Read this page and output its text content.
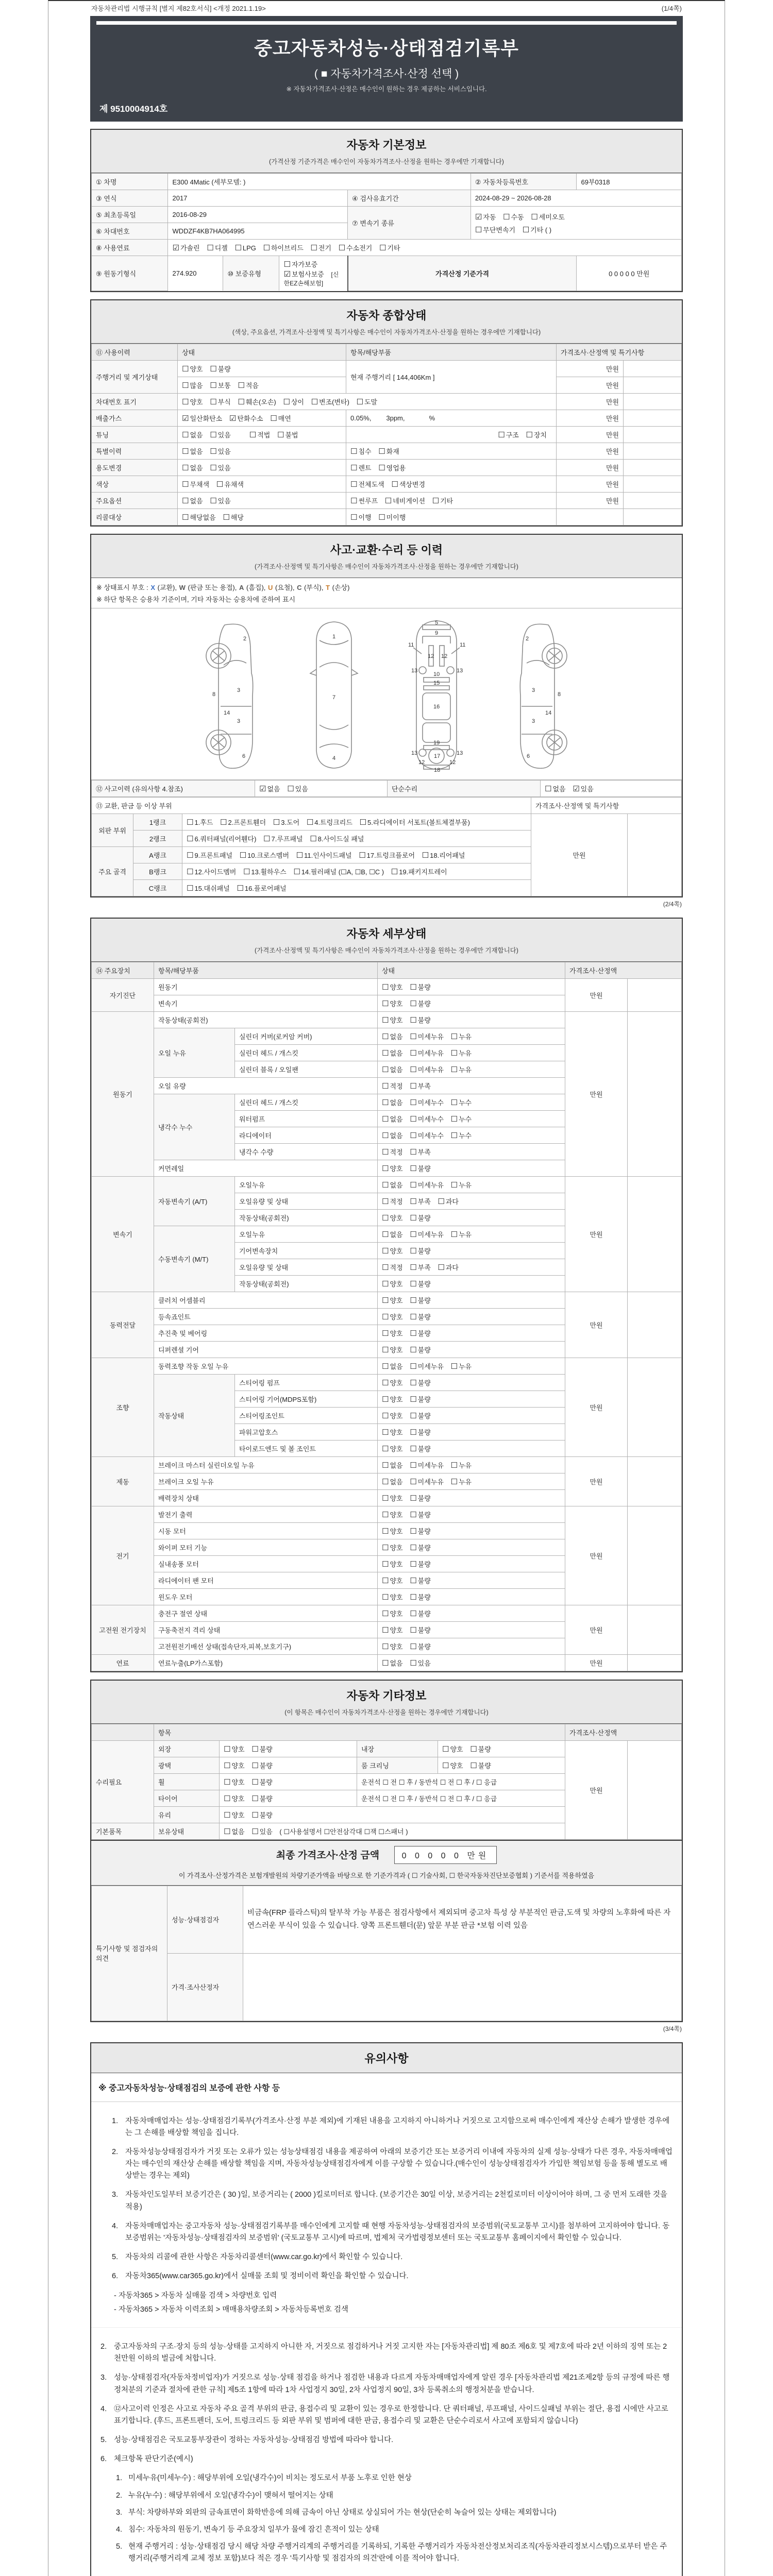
자동차관리법 시행규칙 [별지 제82호서식] <개정 2021.1.19>	(1/4쪽)
중고자동차성능·상태점검기록부
( ■ 자동차가격조사·산정 선택 )
※ 자동차가격조사·산정은 매수인이 원하는 경우 제공하는 서비스입니다.
제 9510004914호
자동차 기본정보
(가격산정 기준가격은 매수인이 자동차가격조사·산정을 원하는 경우에만 기재합니다)
① 차명	E300 4Matic (세부모델: )	② 자동차등록번호	69부0318
③ 연식	2017	④ 검사유효기간	2024-08-29 ~ 2026-08-28
⑤ 최초등록일	2016-08-29	⑦ 변속기 종류	
☑ 자동 ☐ 수동 ☐ 세미오토
☐ 무단변속기 ☐ 기타 ( )

⑥ 차대번호	WDDZF4KB7HA064995
⑧ 사용연료	☑ 가솔린 ☐ 디젤 ☐ LPG ☐ 하이브리드 ☐ 전기 ☐ 수소전기 ☐ 기타
⑨ 원동기형식		274.920	⑩ 보증유형	☐ 자가보증 ☑ 보험사보증 [신한EZ손해보험]
	가격산정 기준가격	0 0 0 0 0 만원
자동차 종합상태
(색상, 주요옵션, 가격조사·산정액 및 특기사항은 매수인이 자동차가격조사·산정을 원하는 경우에만 기재합니다)
⑪ 사용이력	상태	항목/해당부품	가격조사·산정액 및 특기사항	
주행거리 및 계기상태	☐ 양호 ☐ 불량	현재 주행거리 [ 144,406Km ]	만원	
	☐ 많음 ☐ 보통 ☐ 적음		만원	
차대번호 표기	☐ 양호 ☐ 부식 ☐ 훼손(오손) ☐ 상이 ☐ 변조(변타) ☐ 도말		만원	
배출가스	☑ 일산화탄소 ☑ 탄화수소 ☐ 매연	0.05%,        3ppm,             %	만원	
튜닝	☐ 없음 ☐ 있음 ☐ 적법 ☐ 불법	☐ 구조 ☐ 장치	만원	
특별이력	☐ 없음 ☐ 있음	☐ 침수 ☐ 화재	만원	
용도변경	☐ 없음 ☐ 있음	☐ 렌트 ☐ 영업용	만원	
색상	☐ 무채색 ☐ 유채색	☐ 전체도색 ☐ 색상변경	만원	
주요옵션	☐ 없음 ☐ 있음	☐ 썬루프 ☐ 네비게이션 ☐ 기타	만원	
리콜대상	☐ 해당없음 ☐ 해당	☐ 이행 ☐ 미이행		
사고·교환·수리 등 이력
(가격조사·산정액 및 특기사항은 매수인이 자동차가격조사·산정을 원하는 경우에만 기재합니다)
※ 상태표시 부호 : X (교환), W (판금 또는 용접), A (흠집), U (요철), C (부식), T (손상)
※ 하단 항목은 승용차 기준이며, 기타 자동차는 승용차에 준하여 표시
2
8
3
3
14
6
1
7
4
5
9
11	11
12 12
13	13
10
15
16
19
13	13
12	12
17
18
2
8
3
3
14
6
⑫ 사고이력 (유의사항 4.참조)	☑ 없음 ☐ 있음	단순수리	☐ 없음 ☑ 있음
⑬ 교환, 판금 등 이상 부위			가격조사·산정액 및 특기사항	
외판 부위	1랭크	☐ 1.후드 ☐ 2.프론트휀더 ☐ 3.도어 ☐ 4.트렁크리드 ☐ 5.라디에이터 서포트(볼트체결부품)	만원	
	2랭크	☐ 6.쿼터패널(리어휀다) ☐ 7.루프패널 ☐ 8.사이드실 패널		
주요 골격	A랭크	☐ 9.프론트패널 ☐ 10.크로스멤버 ☐ 11.인사이드패널 ☐ 17.트렁크플로어 ☐ 18.리어패널		
	B랭크	☐ 12.사이드멤버 ☐ 13.휠하우스 ☐ 14.필러패널 (☐A, ☐B, ☐C ) ☐ 19.패키지트레이		
	C랭크	☐ 15.대쉬패널 ☐ 16.플로어패널		
(2/4쪽)
자동차 세부상태
(가격조사·산정액 및 특기사항은 매수인이 자동차가격조사·산정을 원하는 경우에만 기재합니다)
⑭ 주요장치	항목/해당부품		상태	가격조사·산정액	
자기진단	원동기		☐ 양호 ☐ 불량	만원	
	변속기		☐ 양호 ☐ 불량		
원동기	작동상태(공회전)		☐ 양호 ☐ 불량	만원	
	오일 누유	실린더 커버(로커암 커버)	☐ 없음 ☐ 미세누유 ☐ 누유		
		실린더 헤드 / 개스킷	☐ 없음 ☐ 미세누유 ☐ 누유		
		실린더 블록 / 오일팬	☐ 없음 ☐ 미세누유 ☐ 누유		
	오일 유량		☐ 적정 ☐ 부족		
	냉각수 누수	실린더 헤드 / 개스킷	☐ 없음 ☐ 미세누수 ☐ 누수		
		워터펌프	☐ 없음 ☐ 미세누수 ☐ 누수		
		라디에이터	☐ 없음 ☐ 미세누수 ☐ 누수		
		냉각수 수량	☐ 적정 ☐ 부족		
	커먼레일		☐ 양호 ☐ 불량		
변속기	자동변속기 (A/T)	오일누유	☐ 없음 ☐ 미세누유 ☐ 누유	만원	
		오일유량 및 상태	☐ 적정 ☐ 부족 ☐ 과다		
		작동상태(공회전)	☐ 양호 ☐ 불량		
	수동변속기 (M/T)	오일누유	☐ 없음 ☐ 미세누유 ☐ 누유		
		기어변속장치	☐ 양호 ☐ 불량		
		오일유량 및 상태	☐ 적정 ☐ 부족 ☐ 과다		
		작동상태(공회전)	☐ 양호 ☐ 불량		
동력전달	클러치 어셈블리		☐ 양호 ☐ 불량	만원	
	등속죠인트		☐ 양호 ☐ 불량		
	추진축 및 베어링		☐ 양호 ☐ 불량		
	디퍼렌셜 기어		☐ 양호 ☐ 불량		
조향	동력조향 작동 오일 누유		☐ 없음 ☐ 미세누유 ☐ 누유	만원	
	작동상태	스티어링 펌프	☐ 양호 ☐ 불량		
		스티어링 기어(MDPS포함)	☐ 양호 ☐ 불량		
		스티어링조인트	☐ 양호 ☐ 불량		
		파워고압호스	☐ 양호 ☐ 불량		
		타이로드엔드 및 볼 조인트	☐ 양호 ☐ 불량		
제동	브레이크 마스터 실린더오일 누유		☐ 없음 ☐ 미세누유 ☐ 누유	만원	
	브레이크 오일 누유		☐ 없음 ☐ 미세누유 ☐ 누유		
	배력장치 상태		☐ 양호 ☐ 불량		
전기	발전기 출력		☐ 양호 ☐ 불량	만원	
	시동 모터		☐ 양호 ☐ 불량		
	와이퍼 모터 기능		☐ 양호 ☐ 불량		
	실내송풍 모터		☐ 양호 ☐ 불량		
	라디에이터 팬 모터		☐ 양호 ☐ 불량		
	윈도우 모터		☐ 양호 ☐ 불량		
고전원 전기장치	충전구 절연 상태		☐ 양호 ☐ 불량	만원	
	구동축전지 격리 상태		☐ 양호 ☐ 불량		
	고전원전기배선 상태(접속단자,피복,보호기구)		☐ 양호 ☐ 불량		
연료	연료누출(LP가스포함)		☐ 없음 ☐ 있음	만원	
자동차 기타정보
(이 항목은 매수인이 자동차가격조사·산정을 원하는 경우에만 기재합니다)
	항목				가격조사·산정액	
수리필요	외장	☐ 양호 ☐ 불량	내장	☐ 양호 ☐ 불량	만원	
	광택	☐ 양호 ☐ 불량	룸 크리닝	☐ 양호 ☐ 불량		
	휠	☐ 양호 ☐ 불량	운전석 ☐ 전 ☐ 후 / 동반석 ☐ 전 ☐ 후 / ☐ 응급			
	타이어	☐ 양호 ☐ 불량	운전석 ☐ 전 ☐ 후 / 동반석 ☐ 전 ☐ 후 / ☐ 응급			
	유리	☐ 양호 ☐ 불량				
기본품목	보유상태	☐ 없음 ☐ 있음 ( ☐사용설명서 ☐안전삼각대 ☐잭 ☐스패너 )				
최종 가격조사·산정 금액	0 0 0 0 0 만원
이 가격조사·산정가격은 보험개발원의 차량기준가액을 바탕으로 한 기준가격과 ( ☐ 기술사회, ☐ 한국자동차진단보증협회 ) 기준서를 적용하였음
특기사항 및 점검자의 의견	성능·상태점검자	비금속(FRP 플라스틱)의 탈부착 가능 부품은 점검사항에서 제외되며 중고차 특성 상 부분적인 판금,도색 및 차량의 노후화에 따른 자연스러운 부식이 있을 수 있습니다. 양쪽 프론트휀더(문) 앞문 부분 판금 *보험 이력 있음
	가격·조사산정자	
(3/4쪽)
유의사항
※ 중고자동차성능·상태점검의 보증에 관한 사항 등
1. 자동차매매업자는 성능·상태점검기록부(가격조사·산정 부분 제외)에 기재된 내용을 고지하지 아니하거나 거짓으로 고지함으로써 매수인에게 재산상 손해가 발생한 경우에는 그 손해를 배상할 책임을 집니다.
2. 자동차성능상태점검자가 거짓 또는 오류가 있는 성능상태점검 내용을 제공하여 아래의 보증기간 또는 보증거리 이내에 자동차의 실제 성능·상태가 다른 경우, 자동차매매업자는 매수인의 재산상 손해를 배상할 책임을 지며, 자동차성능상태점검자에게 이를 구상할 수 있습니다.(매수인이 성능상태점검자가 가입한 책임보험 등을 통해 별도로 배상받는 경우는 제외)
3. 자동차인도일부터 보증기간은 ( 30 )일, 보증거리는 ( 2000 )킬로미터로 합니다. (보증기간은 30일 이상, 보증거리는 2천킬로미터 이상이어야 하며, 그 중 먼저 도래한 것을 적용)
4. 자동차매매업자는 중고자동차 성능·상태점검기록부를 매수인에게 고지할 때 현행 자동차성능·상태점검자의 보증범위(국토교통부 고시)를 첨부하여 고지하여야 합니다. 동 보증범위는 '자동차성능·상태점검자의 보증범위' (국토교통부 고시)에 따르며, 법제처 국가법령정보센터 또는 국토교통부 홈페이지에서 확인할 수 있습니다.
5. 자동차의 리콜에 관한 사항은 자동차리콜센터(www.car.go.kr)에서 확인할 수 있습니다.
6. 자동차365(www.car365.go.kr)에서 실매물 조회 및 정비이력 확인을 확인할 수 있습니다.
- 자동차365 > 자동차 실매물 검색 > 차량번호 입력
- 자동차365 > 자동차 이력조회 > 매매용차량조회 > 자동차등록번호 검색
2. 중고자동차의 구조·장치 등의 성능·상태를 고지하지 아니한 자, 거짓으로 점검하거나 거짓 고지한 자는 [자동차관리법] 제 80조 제6호 및 제7호에 따라 2년 이하의 징역 또는 2천만원 이하의 벌금에 처합니다.
3. 성능·상태점검자(자동차정비업자)가 거짓으로 성능·상태 점검을 하거나 점검한 내용과 다르게 자동차매매업자에게 알린 경우 [자동차관리법 제21조제2항 등의 규정에 따른 행정처분의 기준과 절차에 관한 규칙] 제5조 1항에 따라 1차 사업정지 30일, 2차 사업정지 90일, 3차 등록취소의 행정처분을 받습니다.
4. ⑫사고이력 인정은 사고로 자동차 주요 골격 부위의 판금, 용접수리 및 교환이 있는 경우로 한정합니다. 단 쿼터패널, 루프패널, 사이드실패널 부위는 절단, 용접 시에만 사고로 표기합니다. (후드, 프론트펜더, 도어, 트렁크리드 등 외판 부위 및 범퍼에 대한 판금, 용접수리 및 교환은 단순수리로서 사고에 포함되지 않습니다)
5. 성능·상태점검은 국토교통부장관이 정하는 자동차성능·상태점검 방법에 따라야 합니다.
6. 체크항목 판단기준(예시)
1. 미세누유(미세누수) : 해당부위에 오일(냉각수)이 비치는 정도로서 부품 노후로 인한 현상
2. 누유(누수) : 해당부위에서 오일(냉각수)이 맺혀서 떨어지는 상태
3. 부식: 차량하부와 외판의 금속표면이 화학반응에 의해 금속이 아닌 상태로 상실되어 가는 현상(단순히 녹슬어 있는 상태는 제외합니다)
4. 침수: 자동차의 원동기, 변속기 등 주요장치 일부가 물에 잠긴 흔적이 있는 상태
5. 현재 주행거리 : 성능·상태점검 당시 해당 차량 주행거리계의 주행거리를 기록하되, 기록한 주행거리가 자동차전산정보처리조직(자동차관리정보시스템)으로부터 받은 주행거리(주행거리계 교체 정보 포함)보다 적은 경우 '특기사항 및 점검자의 의견'란에 이를 적어야 합니다.
